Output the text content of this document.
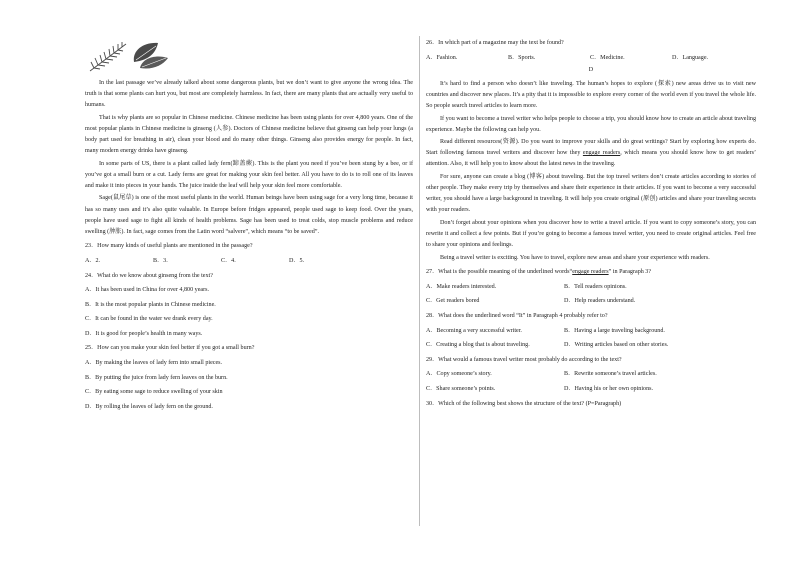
In the last passage we’ve already talked about some dangerous plants, but we don’t want to give anyone the wrong idea. The truth is that some plants can hurt you, but most are completely harmless. In fact, there are many plants that are actually very useful to humans.

That is why plants are so popular in Chinese medicine. Chinese medicine has been using plants for over 4,800 years. One of the most popular plants in Chinese medicine is ginseng (人参). Doctors of Chinese medicine believe that ginseng can help your lungs (a body part used for breathing in air), clean your blood and do many other things. Ginseng also provides energy for people. In fact, many modern energy drinks have ginseng.

In some parts of US, there is a plant called lady fern(蹄盖蕨). This is the plant you need if you’ve been stung by a bee, or if you’ve got a small burn or a cut. Lady ferns are great for making your skin feel better. All you have to do is to roll one of its leaves and make it into pieces in your hands. The juice inside the leaf will help your skin feel more comfortable.

Sage(鼠尾草) is one of the most useful plants in the world. Human beings have been using sage for a very long time, because it has so many uses and it’s also quite valuable. In Europe before fridges appeared, people used sage to keep food. Over the years, people have used sage to fight all kinds of health problems. Sage has been used to treat colds, stop muscle problems and reduce swelling (肿胀). In fact, sage comes from the Latin word “salvere”, which means “to be saved”.

23．How many kinds of useful plants are mentioned in the passage?
A．2.	B．3.	C．4.	D．5.
24．What do we know about ginseng from the text?
A．It has been used in China for over 4,800 years.
B．It is the most popular plants in Chinese medicine.
C．It can be found in the water we drank every day.
D．It is good for people’s health in many ways.
25．How can you make your skin feel better if you got a small burn?
A．By making the leaves of lady fern into small pieces.
B．By putting the juice from lady fern leaves on the burn.
C．By eating some sage to reduce swelling of your skin
D．By rolling the leaves of lady fern on the ground.
26．In which part of a magazine may the text be found?
A．Fashion.	B．Sports.	C．Medicine.	D．Language.
D

It’s hard to find a person who doesn’t like traveling. The human’s hopes to explore (探索) new areas drive us to visit new countries and discover new places. It’s a pity that it is impossible to explore every corner of the world even if you travel the whole life. So people search travel articles to learn more.

If you want to become a travel writer who helps people to choose a trip, you should know how to create an article about traveling experience. Maybe the following can help you.

Read different resources(资源). Do you want to improve your skills and do great writings? Start by exploring how experts do. Start following famous travel writers and discover how they engage readers, which means you should know how to get readers’ attention. Also, it will help you to know about the latest news in the traveling.

For sure, anyone can create a blog (博客) about traveling. But the top travel writers don’t create articles according to stories of other people. They make every trip by themselves and share their experience in their articles. If you want to become a very successful writer, you should have a large background in traveling. It will help you create original (原创) articles and share your traveling secrets with your readers.

Don’t forget about your opinions when you discover how to write a travel article. If you want to copy someone’s story, you can rewrite it and collect a few points. But if you’re going to become a famous travel writer, you need to create original articles. Feel free to share your opinions and feelings.

Being a travel writer is exciting. You have to travel, explore new areas and share your experience with readers.

27．What is the possible meaning of the underlined words“engage readers” in Paragraph 3?
A．Make readers interested.	B．Tell readers opinions.
C．Get readers bored	D．Help readers understand.
28．What does the underlined word “It” in Paragraph 4 probably refer to?
A．Becoming a very successful writer.	B．Having a large traveling background.
C．Creating a blog that is about traveling.	D．Writing articles based on other stories.
29．What would a famous travel writer most probably do according to the text?
A．Copy someone’s story.	B．Rewrite someone’s travel articles.
C．Share someone’s points.	D．Having his or her own opinions.
30．Which of the following best shows the structure of the text? (P=Paragraph)
